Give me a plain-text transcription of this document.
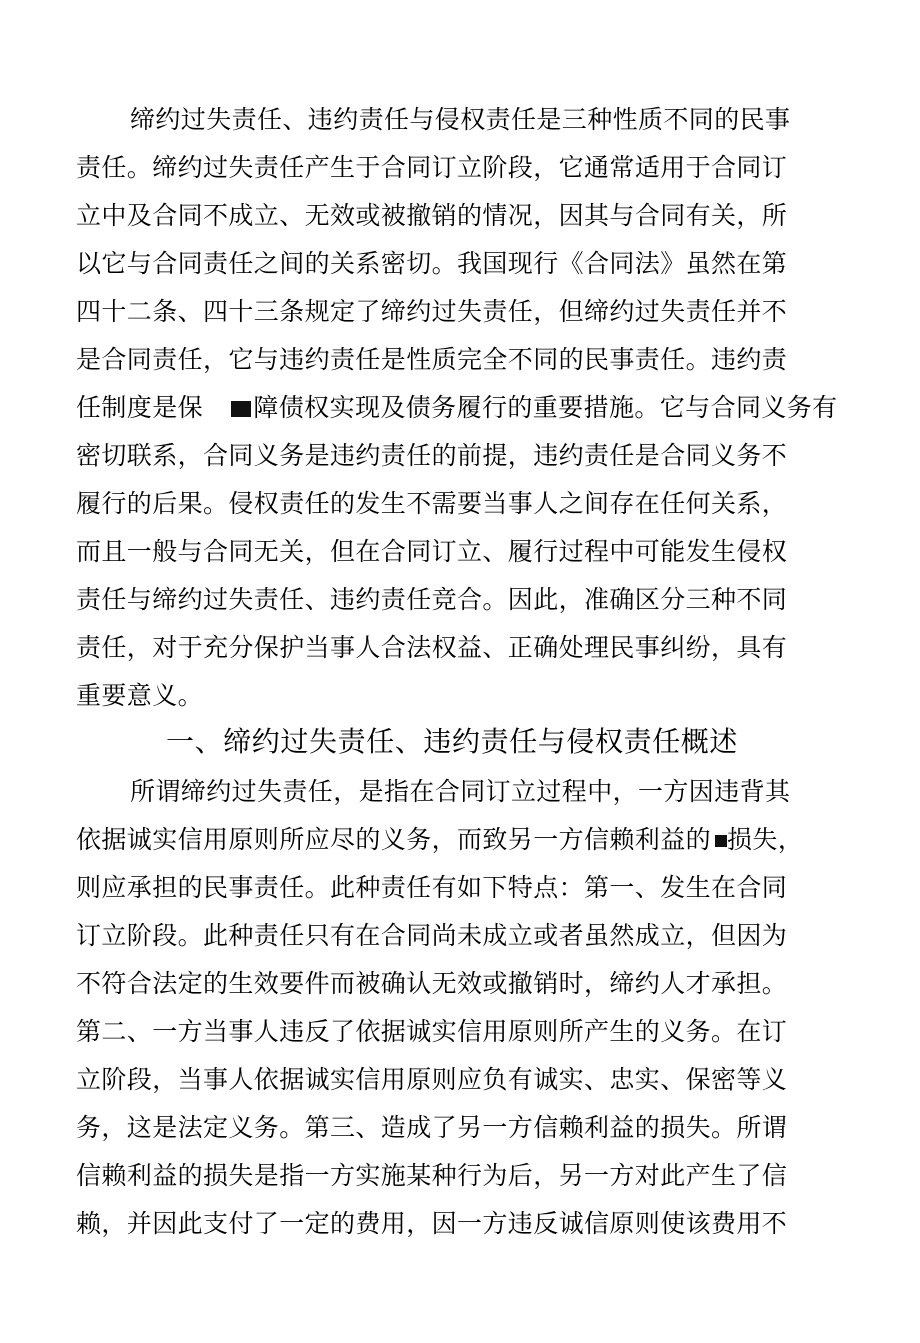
缔约过失责任、违约责任与侵权责任是三种性质不同的民事
责任。缔约过失责任产生于合同订立阶段，它通常适用于合同订
立中及合同不成立、无效或被撤销的情况，因其与合同有关，所
以它与合同责任之间的关系密切。我国现行《合同法》虽然在第
四十二条、四十三条规定了缔约过失责任，但缔约过失责任并不
是合同责任，它与违约责任是性质完全不同的民事责任。违约责
任制度是保 障债权实现及债务履行的重要措施。它与合同义务有
密切联系，合同义务是违约责任的前提，违约责任是合同义务不
履行的后果。侵权责任的发生不需要当事人之间存在任何关系，
而且一般与合同无关，但在合同订立、履行过程中可能发生侵权
责任与缔约过失责任、违约责任竞合。因此，准确区分三种不同
责任，对于充分保护当事人合法权益、正确处理民事纠纷，具有
重要意义。
一、缔约过失责任、违约责任与侵权责任概述
所谓缔约过失责任，是指在合同订立过程中，一方因违背其
依据诚实信用原则所应尽的义务，而致另一方信赖利益的 损失，
则应承担的民事责任。此种责任有如下特点：第一、发生在合同
订立阶段。此种责任只有在合同尚未成立或者虽然成立，但因为
不符合法定的生效要件而被确认无效或撤销时，缔约人才承担。
第二、一方当事人违反了依据诚实信用原则所产生的义务。在订
立阶段，当事人依据诚实信用原则应负有诚实、忠实、保密等义
务，这是法定义务。第三、造成了另一方信赖利益的损失。所谓
信赖利益的损失是指一方实施某种行为后，另一方对此产生了信
赖，并因此支付了一定的费用，因一方违反诚信原则使该费用不
